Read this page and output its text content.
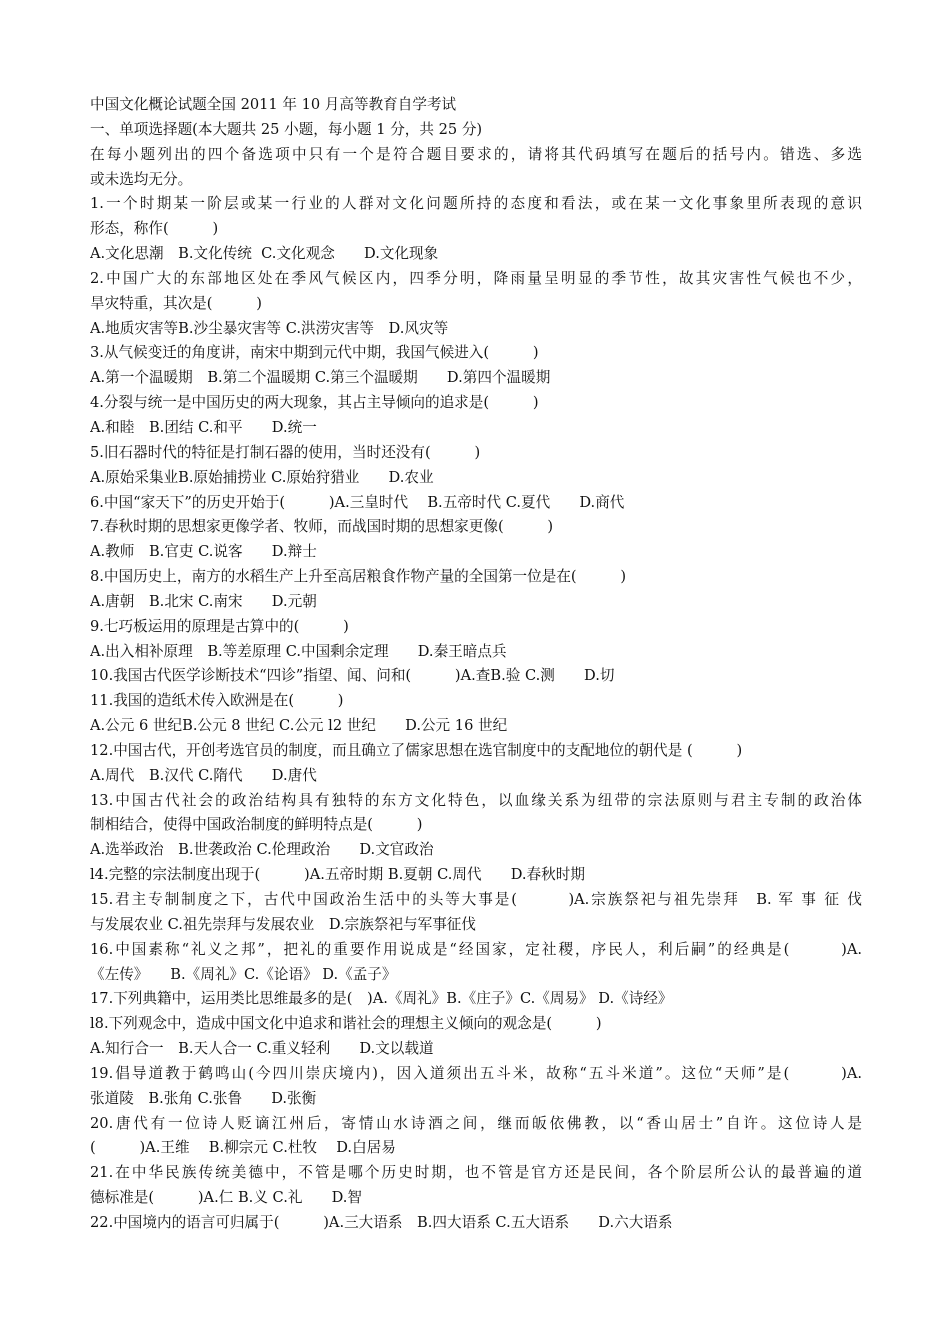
中国文化概论试题全国 2011 年 10 月高等教育自学考试
一、单项选择题(本大题共 25 小题，每小题 1 分，共 25 分)
在每小题列出的四个备选项中只有一个是符合题目要求的，请将其代码填写在题后的括号内。错选、多选
或未选均无分。
1.一个时期某一阶层或某一行业的人群对文化问题所持的态度和看法，或在某一文化事象里所表现的意识
形态，称作(　　　)
A.文化思潮　B.文化传统  C.文化观念　　D.文化现象
2.中国广大的东部地区处在季风气候区内，四季分明，降雨量呈明显的季节性，故其灾害性气候也不少，
旱灾特重，其次是(　　　)
A.地质灾害等B.沙尘暴灾害等 C.洪涝灾害等　D.风灾等
3.从气候变迁的角度讲，南宋中期到元代中期，我国气候进入(　　　)
A.第一个温暖期　B.第二个温暖期 C.第三个温暖期　　D.第四个温暖期
4.分裂与统一是中国历史的两大现象，其占主导倾向的追求是(　　　)
A.和睦　B.团结 C.和平　　D.统一
5.旧石器时代的特征是打制石器的使用，当时还没有(　　　)
A.原始采集业B.原始捕捞业 C.原始狩猎业　　D.农业
6.中国“家天下”的历史开始于(　　　)A.三皇时代　 B.五帝时代 C.夏代　　D.商代
7.春秋时期的思想家更像学者、牧师，而战国时期的思想家更像(　　　)
A.教师　B.官吏 C.说客　　D.辩士
8.中国历史上，南方的水稻生产上升至高居粮食作物产量的全国第一位是在(　　　)
A.唐朝　B.北宋 C.南宋　　D.元朝
9.七巧板运用的原理是古算中的(　　　)
A.出入相补原理　B.等差原理 C.中国剩余定理　　D.秦王暗点兵
10.我国古代医学诊断技术“四诊”指望、闻、问和(　　　)A.查B.验 C.测　　D.切
11.我国的造纸术传入欧洲是在(　　　)
A.公元 6 世纪B.公元 8 世纪 C.公元 l2 世纪　　D.公元 16 世纪
12.中国古代，开创考选官员的制度，而且确立了儒家思想在选官制度中的支配地位的朝代是 (　　　)
A.周代　B.汉代 C.隋代　　D.唐代
13.中国古代社会的政治结构具有独特的东方文化特色，以血缘关系为纽带的宗法原则与君主专制的政治体
制相结合，使得中国政治制度的鲜明特点是(　　　)
A.选举政治　B.世袭政治 C.伦理政治　　D.文官政治
l4.完整的宗法制度出现于(　　　)A.五帝时期 B.夏朝 C.周代　　D.春秋时期
15.君主专制制度之下，古代中国政治生活中的头等大事是(　　　)A.宗族祭祀与祖先崇拜　B. 军 事 征 伐
与发展农业 C.祖先崇拜与发展农业　D.宗族祭祀与军事征伐
16.中国素称“礼义之邦”，把礼的重要作用说成是“经国家，定社稷，序民人，利后嗣”的经典是(　　　)A.
《左传》　　B.《周礼》C.《论语》 D.《孟子》
17.下列典籍中，运用类比思维最多的是(　)A.《周礼》B.《庄子》C.《周易》 D.《诗经》
l8.下列观念中，造成中国文化中追求和谐社会的理想主义倾向的观念是(　　　)
A.知行合一　B.天人合一 C.重义轻利　　D.文以载道
19.倡导道教于鹤鸣山(今四川崇庆境内)，因入道须出五斗米，故称“五斗米道”。这位“天师”是(　　　)A.
张道陵　B.张角 C.张鲁　　D.张衡
20.唐代有一位诗人贬谪江州后，寄情山水诗酒之间，继而皈依佛教，以“香山居士”自许。这位诗人是
(　　　)A.王维　 B.柳宗元 C.杜牧　 D.白居易
21.在中华民族传统美德中，不管是哪个历史时期，也不管是官方还是民间，各个阶层所公认的最普遍的道
德标准是(　　　)A.仁 B.义 C.礼　　D.智
22.中国境内的语言可归属于(　　　)A.三大语系　B.四大语系 C.五大语系　　D.六大语系
